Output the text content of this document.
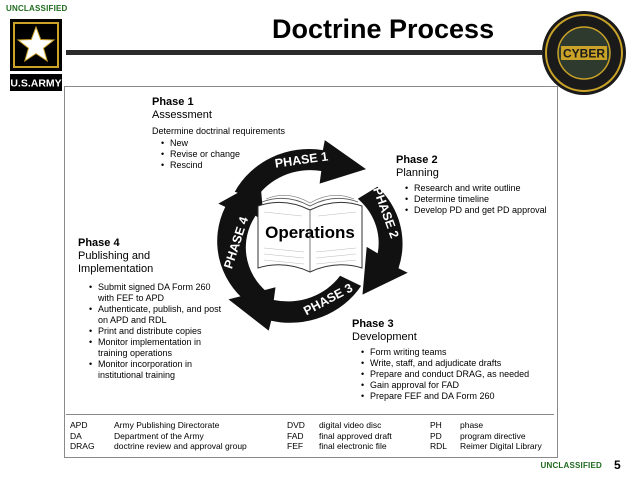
UNCLASSIFIED
U.S.ARMY
Doctrine Process
CYBER
PHASE 1
PHASE 2
PHASE 3
PHASE 4 Operations
Phase 1
Assessment
Determine doctrinal requirements
• New
• Revise or change
• Rescind	Phase 2
Planning
• Research and write outline
• Determine timeline
• Develop PD and get PD approval
Phase 4
Publishing and Implementation
• Submit signed DA Form 260 with FEF to APD
• Authenticate, publish, and post on APD and RDL
• Print and distribute copies
• Monitor implementation in training operations
• Monitor incorporation in institutional training
Phase 3
Development
• Form writing teams
• Write, staff, and adjudicate drafts
• Prepare and conduct DRAG, as needed
• Gain approval for FAD
• Prepare FEF and DA Form 260
APD	Army Publishing Directorate
DA	Department of the Army
DRAG	doctrine review and approval group
DVD	digital video disc
FAD	final approved draft
FEF	final electronic file
PH	phase
PD	program directive
RDL	Reimer Digital Library
UNCLASSIFIED 5
